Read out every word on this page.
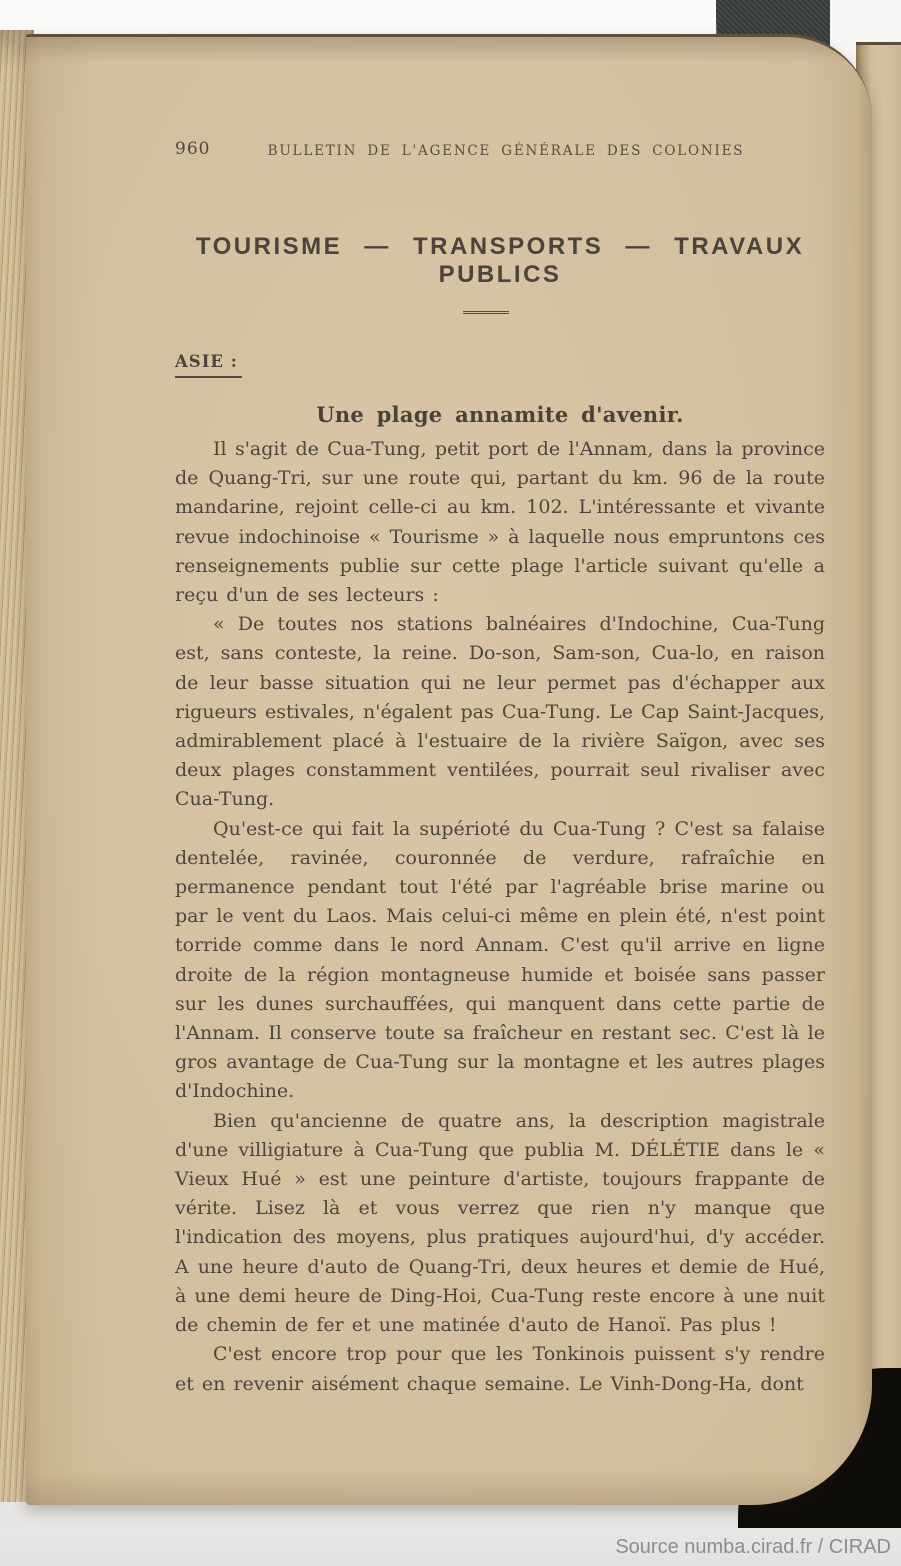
960	BULLETIN DE L'AGENCE GÉNÉRALE DES COLONIES
TOURISME — TRANSPORTS — TRAVAUX PUBLICS
ASIE :
Une plage annamite d'avenir.

Il s'agit de Cua-Tung, petit port de l'Annam, dans la province de Quang-Tri, sur une route qui, partant du km. 96 de la route mandarine, rejoint celle-ci au km. 102. L'intéressante et vivante revue indochinoise « Tourisme » à laquelle nous empruntons ces renseignements publie sur cette plage l'article suivant qu'elle a reçu d'un de ses lecteurs :

« De toutes nos stations balnéaires d'Indochine, Cua-Tung est, sans conteste, la reine. Do-son, Sam-son, Cua-lo, en raison de leur basse situation qui ne leur permet pas d'échapper aux rigueurs estivales, n'égalent pas Cua-Tung. Le Cap Saint-Jacques, admirablement placé à l'estuaire de la rivière Saïgon, avec ses deux plages constamment ventilées, pourrait seul rivaliser avec Cua-Tung.

Qu'est-ce qui fait la supérioté du Cua-Tung ? C'est sa falaise dentelée, ravinée, couronnée de verdure, rafraîchie en permanence pendant tout l'été par l'agréable brise marine ou par le vent du Laos. Mais celui-ci même en plein été, n'est point torride comme dans le nord Annam. C'est qu'il arrive en ligne droite de la région montagneuse humide et boisée sans passer sur les dunes surchauffées, qui manquent dans cette partie de l'Annam. Il conserve toute sa fraîcheur en restant sec. C'est là le gros avantage de Cua-Tung sur la montagne et les autres plages d'Indochine.

Bien qu'ancienne de quatre ans, la description magistrale d'une villigiature à Cua-Tung que publia M. DÉLÉTIE dans le « Vieux Hué » est une peinture d'artiste, toujours frappante de vérite. Lisez là et vous verrez que rien n'y manque que l'indication des moyens, plus pratiques aujourd'hui, d'y accéder. A une heure d'auto de Quang-Tri, deux heures et demie de Hué, à une demi heure de Ding-Hoi, Cua-Tung reste encore à une nuit de chemin de fer et une matinée d'auto de Hanoï. Pas plus !

C'est encore trop pour que les Tonkinois puissent s'y rendre et en revenir aisément chaque semaine. Le Vinh-Dong-Ha, dont

Source numba.cirad.fr / CIRAD
